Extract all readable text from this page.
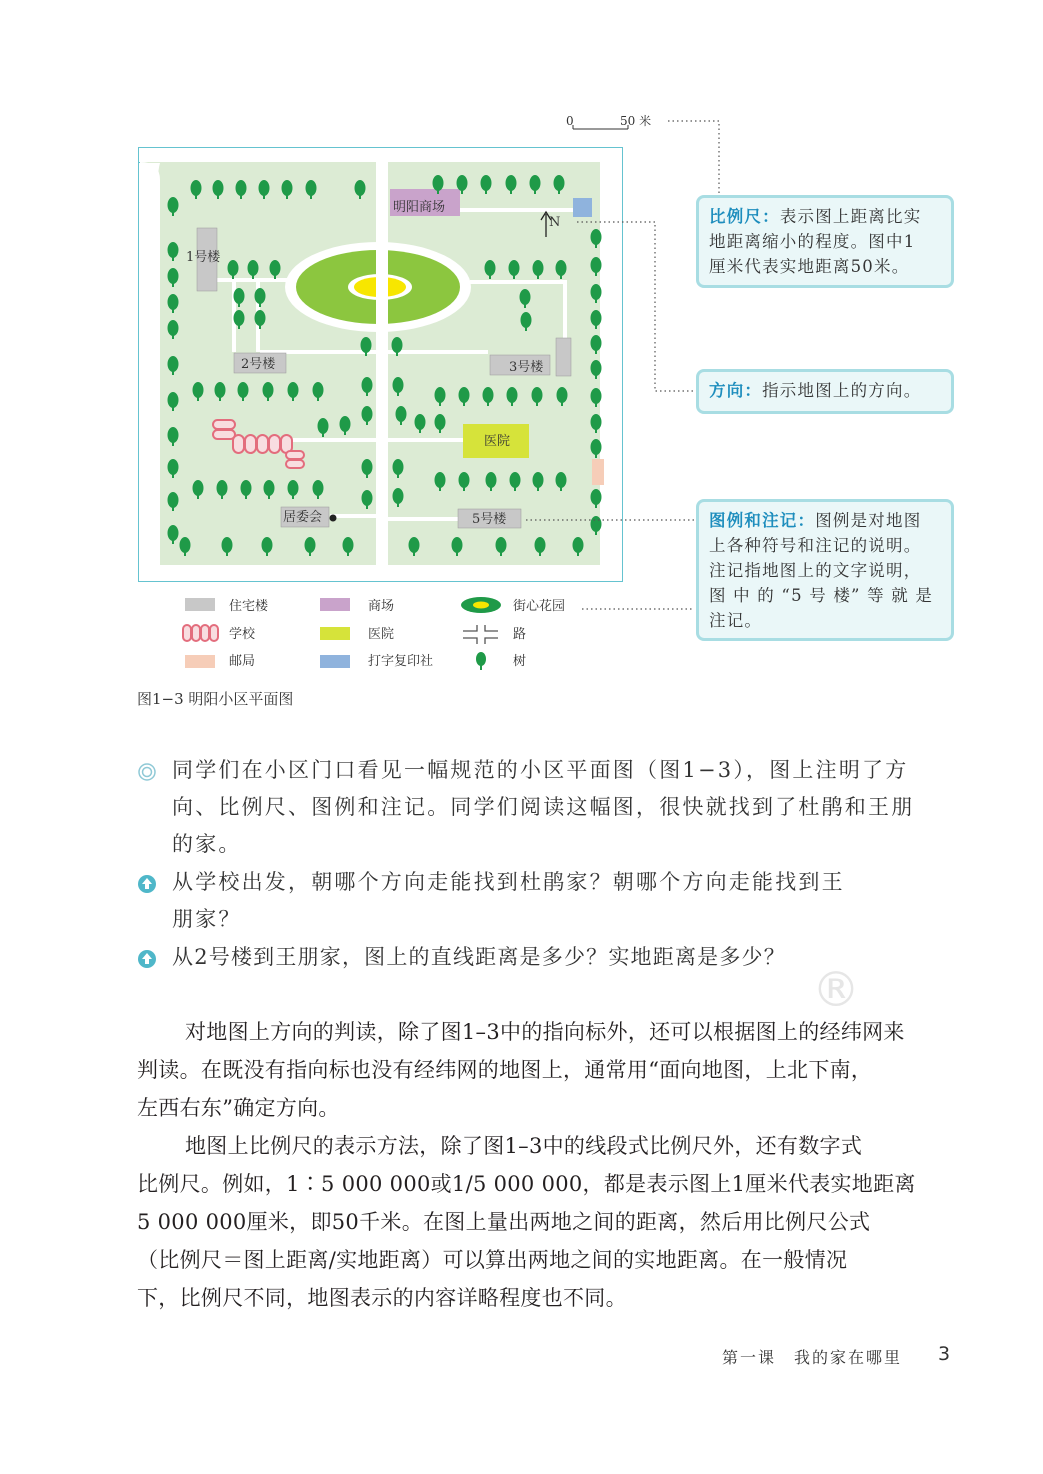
0	50 米
N
明阳商场
1号楼
2号楼	3号楼
医院
居委会	5号楼
住宅楼	商场	街心花园
学校	医院	路
邮局	打字复印社	树
比例尺：表示图上距离比实
地距离缩小的程度。图中1
厘米代表实地距离50米。
方向：指示地图上的方向。
图例和注记：图例是对地图
上各种符号和注记的说明。
注记指地图上的文字说明，
图 中 的 “5 号 楼” 等 就 是
注记。
图1−3 明阳小区平面图
同学们在小区门口看见一幅规范的小区平面图（图1−3），图上注明了方
向、比例尺、图例和注记。同学们阅读这幅图，很快就找到了杜鹃和王朋
的家。
从学校出发，朝哪个方向走能找到杜鹃家？朝哪个方向走能找到王
朋家？
从2号楼到王朋家，图上的直线距离是多少？实地距离是多少？
®
对地图上方向的判读，除了图1–3中的指向标外，还可以根据图上的经纬网来
判读。在既没有指向标也没有经纬网的地图上，通常用“面向地图，上北下南，
左西右东”确定方向。
地图上比例尺的表示方法，除了图1–3中的线段式比例尺外，还有数字式
比例尺。例如，1∶5 000 000或1/5 000 000，都是表示图上1厘米代表实地距离
5 000 000厘米，即50千米。在图上量出两地之间的距离，然后用比例尺公式
（比例尺＝图上距离/实地距离）可以算出两地之间的实地距离。在一般情况
下，比例尺不同，地图表示的内容详略程度也不同。
第一课　我的家在哪里 3
